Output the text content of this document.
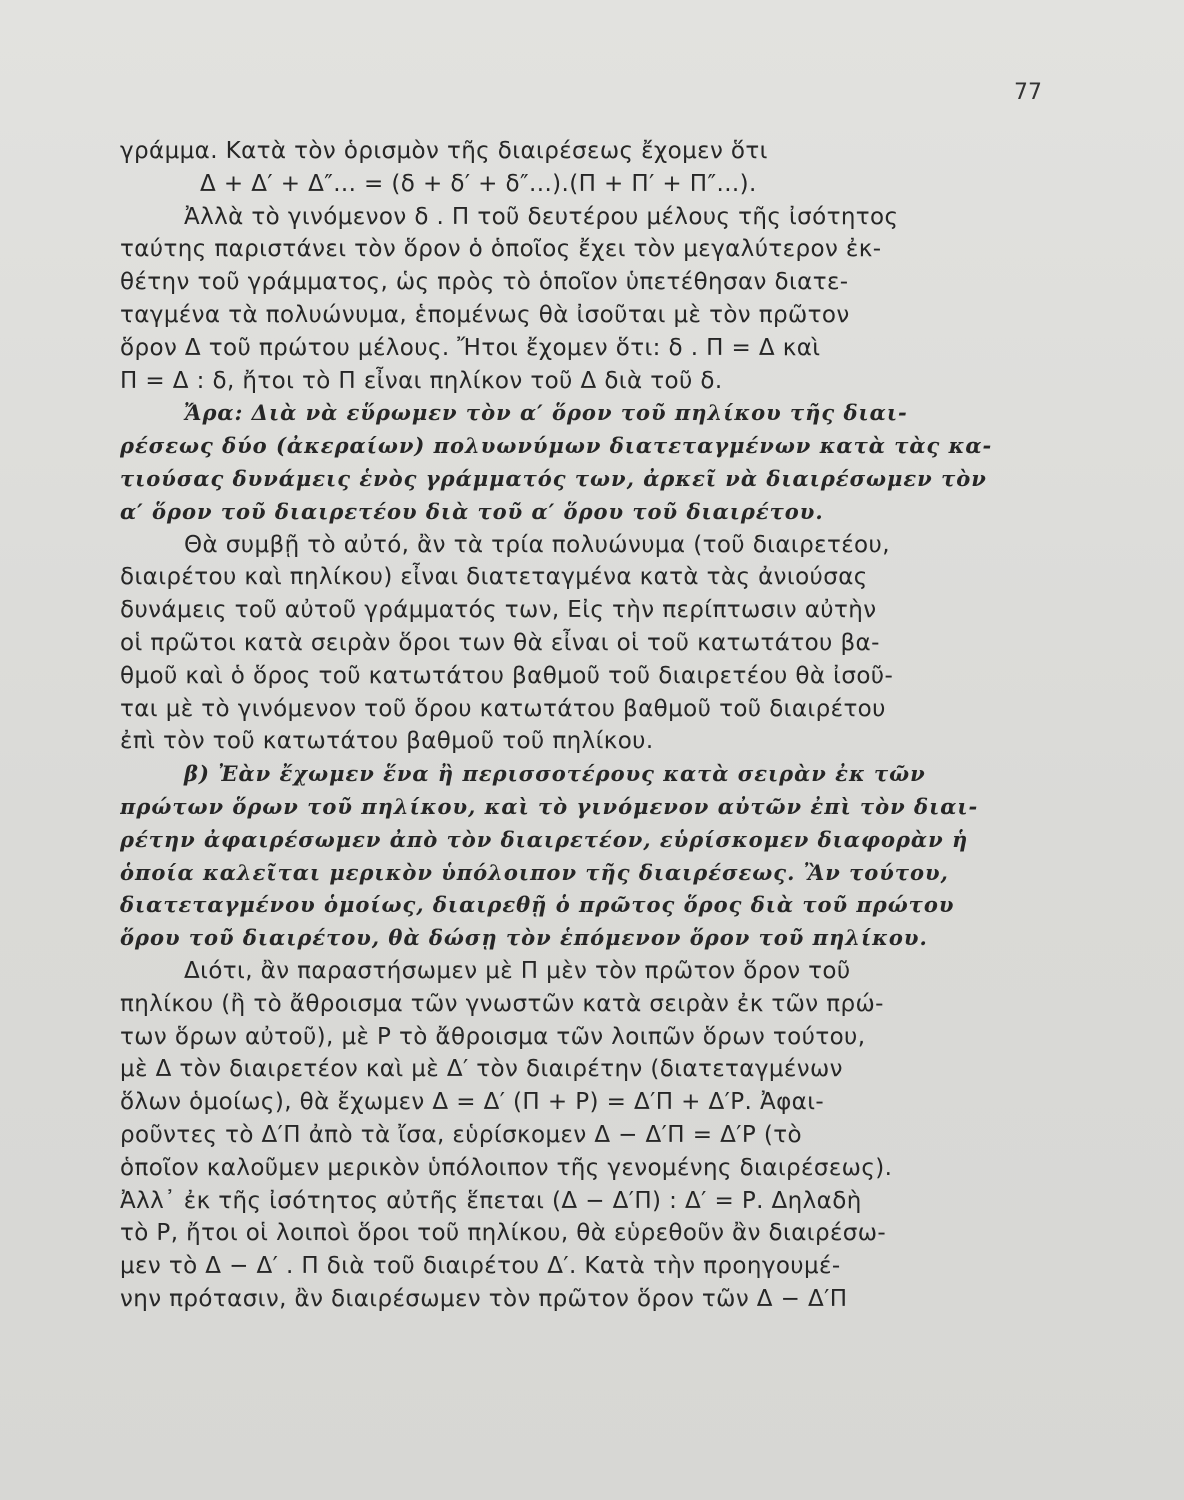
77
γράμμα. Κατὰ τὸν ὁρισμὸν τῆς διαιρέσεως ἔχομεν ὅτι
Δ + Δ′ + Δ″... = (δ + δ′ + δ″...).(Π + Π′ + Π″...).
Ἀλλὰ τὸ γινόμενον δ . Π τοῦ δευτέρου μέλους τῆς ἰσότητος
ταύτης παριστάνει τὸν ὅρον ὁ ὁποῖος ἔχει τὸν μεγαλύτερον ἐκ-
θέτην τοῦ γράμματος, ὡς πρὸς τὸ ὁποῖον ὑπετέθησαν διατε-
ταγμένα τὰ πολυώνυμα, ἑπομένως θὰ ἰσοῦται μὲ τὸν πρῶτον
ὅρον Δ τοῦ πρώτου μέλους. Ἤτοι ἔχομεν ὅτι: δ . Π = Δ καὶ
Π = Δ : δ, ἤτοι τὸ Π εἶναι πηλίκον τοῦ Δ διὰ τοῦ δ.
Ἄρα: Διὰ νὰ εὕρωμεν τὸν α′ ὅρον τοῦ πηλίκου τῆς διαι-
ρέσεως δύο (ἀκεραίων) πολυωνύμων διατεταγμένων κατὰ τὰς κα-
τιούσας δυνάμεις ἑνὸς γράμματός των, ἀρκεῖ νὰ διαιρέσωμεν τὸν
α′ ὅρον τοῦ διαιρετέου διὰ τοῦ α′ ὅρου τοῦ διαιρέτου.
Θὰ συμβῇ τὸ αὐτό, ἂν τὰ τρία πολυώνυμα (τοῦ διαιρετέου,
διαιρέτου καὶ πηλίκου) εἶναι διατεταγμένα κατὰ τὰς ἀνιούσας
δυνάμεις τοῦ αὐτοῦ γράμματός των, Εἰς τὴν περίπτωσιν αὐτὴν
οἱ πρῶτοι κατὰ σειρὰν ὅροι των θὰ εἶναι οἱ τοῦ κατωτάτου βα-
θμοῦ καὶ ὁ ὅρος τοῦ κατωτάτου βαθμοῦ τοῦ διαιρετέου θὰ ἰσοῦ-
ται μὲ τὸ γινόμενον τοῦ ὅρου κατωτάτου βαθμοῦ τοῦ διαιρέτου
ἐπὶ τὸν τοῦ κατωτάτου βαθμοῦ τοῦ πηλίκου.
β) Ἐὰν ἔχωμεν ἕνα ἢ περισσοτέρους κατὰ σειρὰν ἐκ τῶν
πρώτων ὅρων τοῦ πηλίκου, καὶ τὸ γινόμενον αὐτῶν ἐπὶ τὸν διαι-
ρέτην ἀφαιρέσωμεν ἀπὸ τὸν διαιρετέον, εὑρίσκομεν διαφορὰν ἡ
ὁποία καλεῖται μερικὸν ὑπόλοιπον τῆς διαιρέσεως. Ἂν τούτου,
διατεταγμένου ὁμοίως, διαιρεθῇ ὁ πρῶτος ὅρος διὰ τοῦ πρώτου
ὅρου τοῦ διαιρέτου, θὰ δώσῃ τὸν ἑπόμενον ὅρον τοῦ πηλίκου.
Διότι, ἂν παραστήσωμεν μὲ Π μὲν τὸν πρῶτον ὅρον τοῦ
πηλίκου (ἢ τὸ ἄθροισμα τῶν γνωστῶν κατὰ σειρὰν ἐκ τῶν πρώ-
των ὅρων αὐτοῦ), μὲ Ρ τὸ ἄθροισμα τῶν λοιπῶν ὅρων τούτου,
μὲ Δ τὸν διαιρετέον καὶ μὲ Δ′ τὸν διαιρέτην (διατεταγμένων
ὅλων ὁμοίως), θὰ ἔχωμεν Δ = Δ′ (Π + Ρ) = Δ′Π + Δ′Ρ. Ἀφαι-
ροῦντες τὸ Δ′Π ἀπὸ τὰ ἴσα, εὑρίσκομεν Δ − Δ′Π = Δ′Ρ (τὸ
ὁποῖον καλοῦμεν μερικὸν ὑπόλοιπον τῆς γενομένης διαιρέσεως).
Ἀλλ᾽ ἐκ τῆς ἰσότητος αὐτῆς ἕπεται (Δ − Δ′Π) : Δ′ = Ρ. Δηλαδὴ
τὸ Ρ, ἤτοι οἱ λοιποὶ ὅροι τοῦ πηλίκου, θὰ εὑρεθοῦν ἂν διαιρέσω-
μεν τὸ Δ − Δ′ . Π διὰ τοῦ διαιρέτου Δ′. Κατὰ τὴν προηγουμέ-
νην πρότασιν, ἂν διαιρέσωμεν τὸν πρῶτον ὅρον τῶν Δ − Δ′Π
